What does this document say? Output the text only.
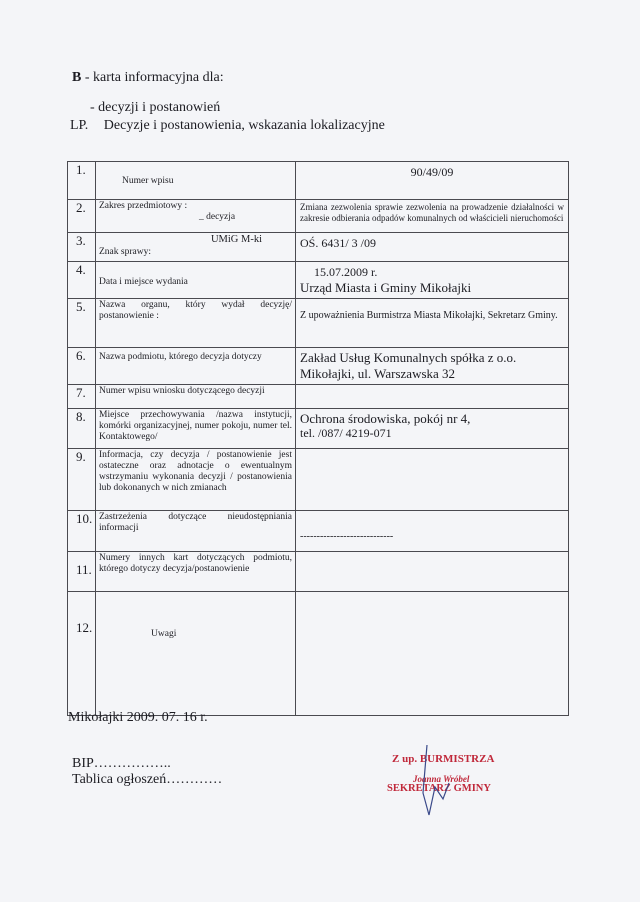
B - karta informacyjna dla:
- decyzji i postanowień
LP. Decyzje i postanowienia, wskazania lokalizacyjne
1.	Numer wpisu	90/49/09
2.	Zakres przedmiotowy :
_ decyzja	Zmiana zezwolenia sprawie zezwolenia na prowadzenie działalności w zakresie odbierania odpadów komunalnych od właścicieli nieruchomości
3.	UMiG M-ki
Znak sprawy:	OŚ. 6431/ 3 /09
4.	Data i miejsce wydania	15.07.2009 r.
Urząd Miasta i Gminy Mikołajki

5.	Nazwa organu, który wydał decyzję/ postanowienie :	Z upoważnienia Burmistrza Miasta Mikołajki, Sekretarz Gminy.
6.	Nazwa podmiotu, którego decyzja dotyczy	Zakład Usług Komunalnych spółka z o.o.
Mikołajki, ul. Warszawska 32

7.	Numer wpisu wniosku dotyczącego decyzji	
8.	Miejsce przechowywania /nazwa instytucji, komórki organizacyjnej, numer pokoju, numer tel. Kontaktowego/	Ochrona środowiska, pokój nr 4,
tel. /087/ 4219-071

9.	Informacja, czy decyzja / postanowienie jest ostateczne oraz adnotacje o ewentualnym wstrzymaniu wykonania decyzji / postanowienia lub dokonanych w nich zmianach	
10.	Zastrzeżenia dotyczące nieudostępniania informacji	----------------------------
11.	Numery innych kart dotyczących podmiotu, którego dotyczy decyzja/postanowienie	
12.	Uwagi	
Mikołajki 2009. 07. 16 r.
BIP……………..
Tablica ogłoszeń…………
Z up. BURMISTRZA
Joanna Wróbel
SEKRETARZ GMINY
